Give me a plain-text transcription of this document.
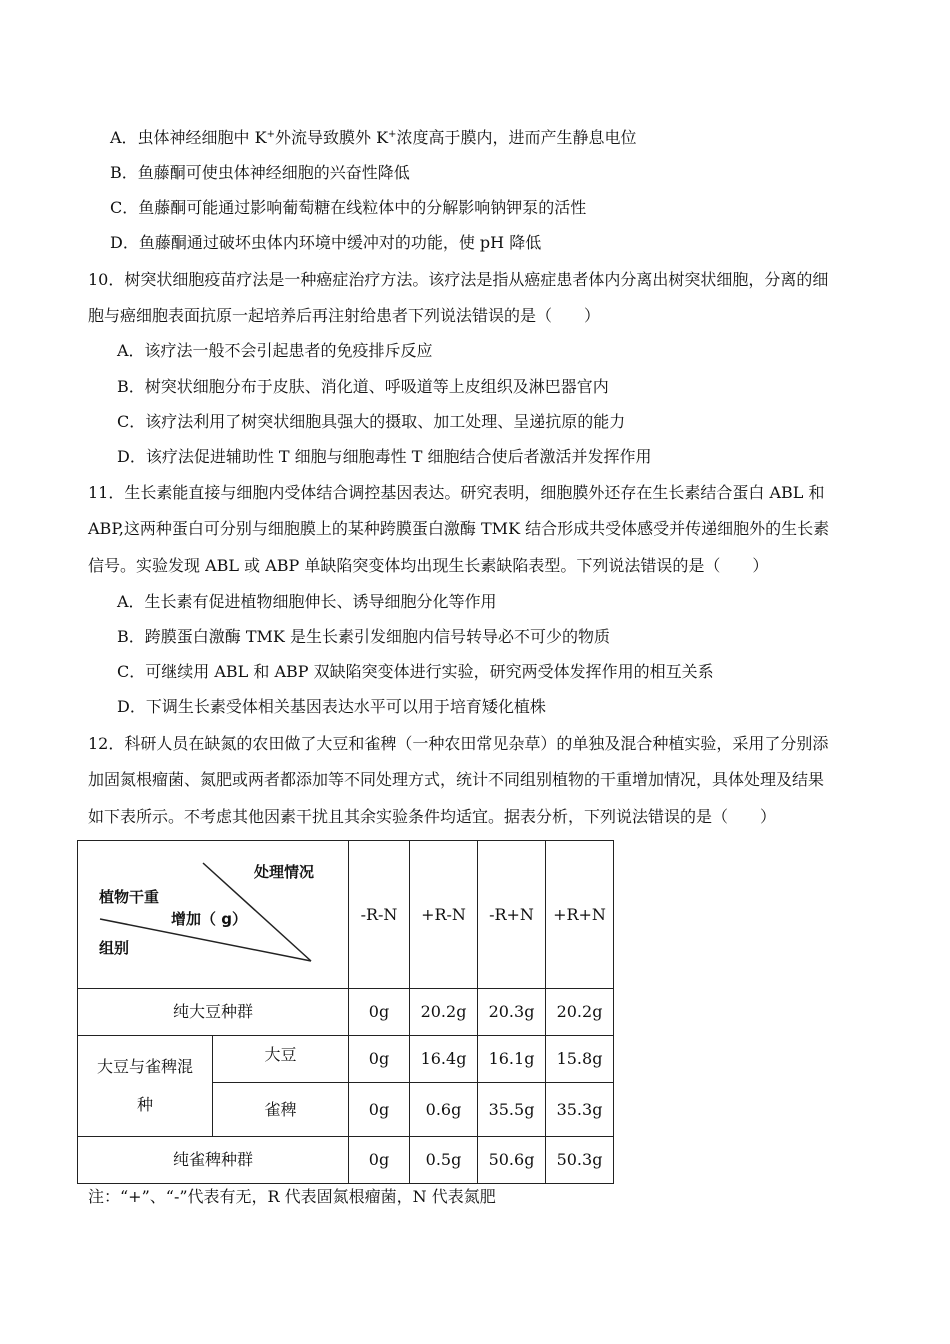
A．虫体神经细胞中 K+外流导致膜外 K+浓度高于膜内，进而产生静息电位
B．鱼藤酮可使虫体神经细胞的兴奋性降低
C．鱼藤酮可能通过影响葡萄糖在线粒体中的分解影响钠钾泵的活性
D．鱼藤酮通过破坏虫体内环境中缓冲对的功能，使 pH 降低
10．树突状细胞疫苗疗法是一种癌症治疗方法。该疗法是指从癌症患者体内分离出树突状细胞，分离的细
胞与癌细胞表面抗原一起培养后再注射给患者下列说法错误的是（　　）
A．该疗法一般不会引起患者的免疫排斥反应
B．树突状细胞分布于皮肤、消化道、呼吸道等上皮组织及淋巴器官内
C．该疗法利用了树突状细胞具强大的摄取、加工处理、呈递抗原的能力
D．该疗法促进辅助性 T 细胞与细胞毒性 T 细胞结合使后者激活并发挥作用
11．生长素能直接与细胞内受体结合调控基因表达。研究表明，细胞膜外还存在生长素结合蛋白 ABL 和
ABP,这两种蛋白可分别与细胞膜上的某种跨膜蛋白激酶 TMK 结合形成共受体感受并传递细胞外的生长素
信号。实验发现 ABL 或 ABP 单缺陷突变体均出现生长素缺陷表型。下列说法错误的是（　　）
A．生长素有促进植物细胞伸长、诱导细胞分化等作用
B．跨膜蛋白激酶 TMK 是生长素引发细胞内信号转导必不可少的物质
C．可继续用 ABL 和 ABP 双缺陷突变体进行实验，研究两受体发挥作用的相互关系
D．下调生长素受体相关基因表达水平可以用于培育矮化植株
12．科研人员在缺氮的农田做了大豆和雀稗（一种农田常见杂草）的单独及混合种植实验，采用了分别添
加固氮根瘤菌、氮肥或两者都添加等不同处理方式，统计不同组别植物的干重增加情况，具体处理及结果
如下表所示。不考虑其他因素干扰且其余实验条件均适宜。据表分析，下列说法错误的是（　　）
处理情况
植物干重
增加（ g）
组别		-R-N	+R-N	-R+N	+R+N
纯大豆种群		0g	20.2g	20.3g	20.2g
大豆与雀稗混
种	大豆	0g	16.4g	16.1g	15.8g
	雀稗	0g	0.6g	35.5g	35.3g
纯雀稗种群		0g	0.5g	50.6g	50.3g
注：“+”、“-”代表有无，R 代表固氮根瘤菌，N 代表氮肥
